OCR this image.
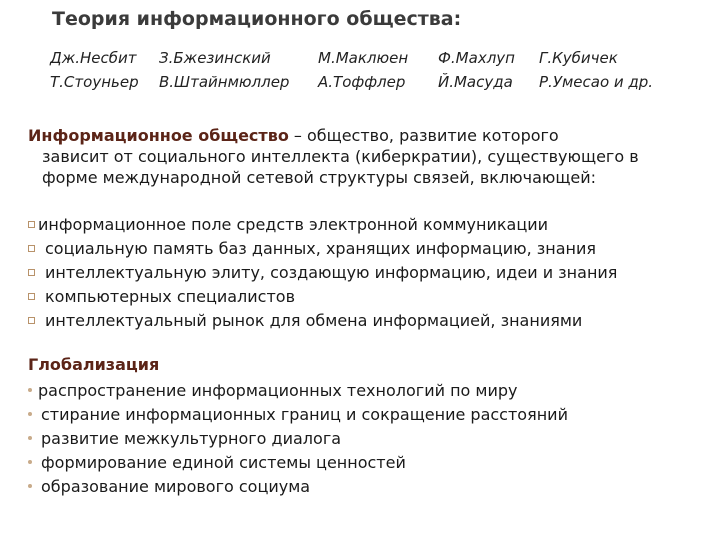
Теория информационного общества:
Дж.Несбит
Т.Стоуньер
З.Бжезинский
В.Штайнмюллер
М.Маклюен
А.Тоффлер
Ф.Махлуп
Й.Масуда
Г.Кубичек
Р.Умесао и др.
Информационное общество – общество, развитие которого
зависит от социального интеллекта (киберкратии), существующего в форме международной сетевой структуры связей, включающей:
информационное поле средств электронной коммуникации
социальную память баз данных, хранящих информацию, знания
интеллектуальную элиту, создающую информацию, идеи и знания
компьютерных специалистов
интеллектуальный рынок для обмена информацией, знаниями
Глобализация
распространение информационных технологий по миру
стирание информационных границ и сокращение расстояний
развитие межкультурного диалога
формирование единой системы ценностей
образование мирового социума
